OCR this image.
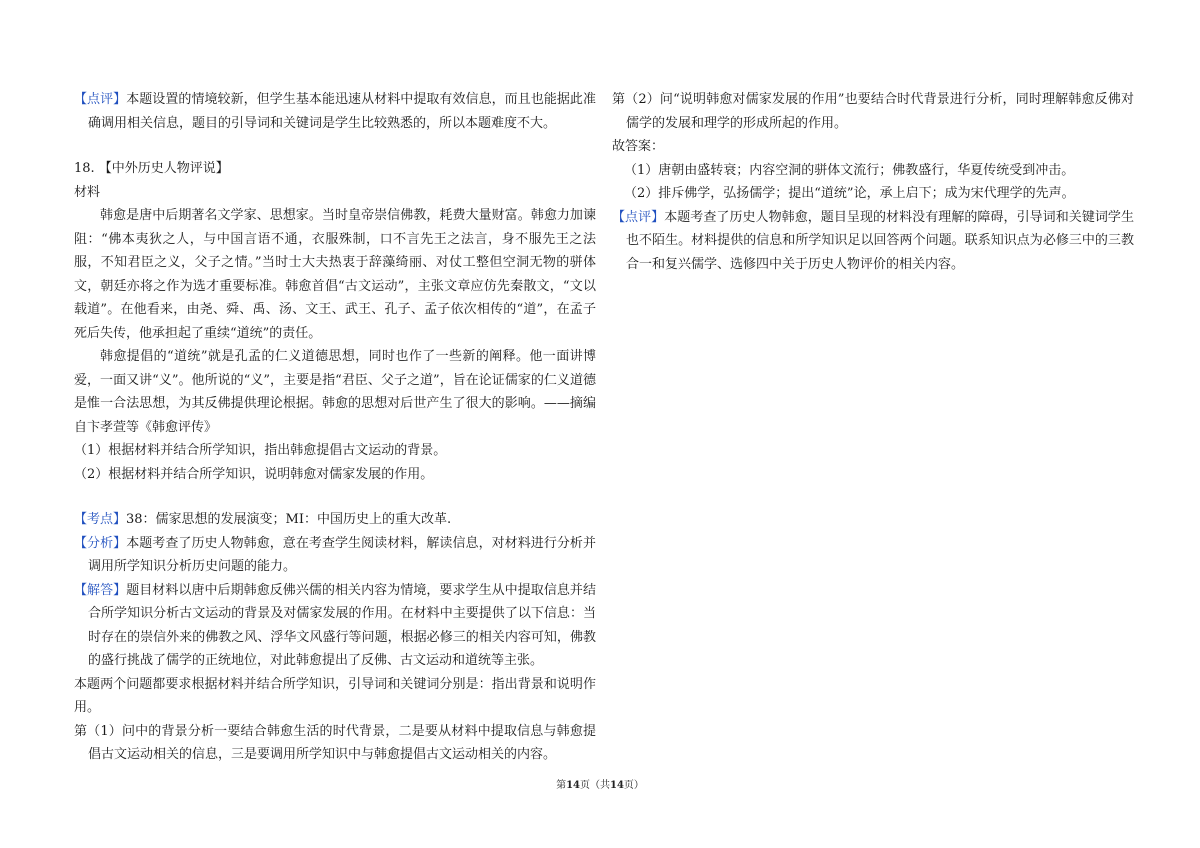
【点评】本题设置的情境较新，但学生基本能迅速从材料中提取有效信息，而且也能据此准确调用相关信息，题目的引导词和关键词是学生比较熟悉的，所以本题难度不大。

18. 【中外历史人物评说】

材料

韩愈是唐中后期著名文学家、思想家。当时皇帝崇信佛教，耗费大量财富。韩愈力加谏阻：“佛本夷狄之人，与中国言语不通，衣服殊制，口不言先王之法言，身不服先王之法服，不知君臣之义，父子之情。”当时士大夫热衷于辞藻绮丽、对仗工整但空洞无物的骈体文，朝廷亦将之作为选才重要标准。韩愈首倡“古文运动”，主张文章应仿先秦散文，“文以载道”。在他看来，由尧、舜、禹、汤、文王、武王、孔子、孟子依次相传的“道”，在孟子死后失传，他承担起了重续“道统”的责任。

韩愈提倡的“道统”就是孔孟的仁义道德思想，同时也作了一些新的阐释。他一面讲博爱，一面又讲“义”。他所说的“义”，主要是指“君臣、父子之道”，旨在论证儒家的仁义道德是惟一合法思想，为其反佛提供理论根据。韩愈的思想对后世产生了很大的影响。——摘编自卞孝萱等《韩愈评传》

（1）根据材料并结合所学知识，指出韩愈提倡古文运动的背景。

（2）根据材料并结合所学知识，说明韩愈对儒家发展的作用。

【考点】38：儒家思想的发展演变；MI：中国历史上的重大改革.

【分析】本题考查了历史人物韩愈，意在考查学生阅读材料，解读信息，对材料进行分析并调用所学知识分析历史问题的能力。

【解答】题目材料以唐中后期韩愈反佛兴儒的相关内容为情境，要求学生从中提取信息并结合所学知识分析古文运动的背景及对儒家发展的作用。在材料中主要提供了以下信息：当时存在的崇信外来的佛教之风、浮华文风盛行等问题，根据必修三的相关内容可知，佛教的盛行挑战了儒学的正统地位，对此韩愈提出了反佛、古文运动和道统等主张。

本题两个问题都要求根据材料并结合所学知识，引导词和关键词分别是：指出背景和说明作用。

第（1）问中的背景分析一要结合韩愈生活的时代背景，二是要从材料中提取信息与韩愈提倡古文运动相关的信息，三是要调用所学知识中与韩愈提倡古文运动相关的内容。

第（2）问“说明韩愈对儒家发展的作用”也要结合时代背景进行分析，同时理解韩愈反佛对儒学的发展和理学的形成所起的作用。

故答案：

（1）唐朝由盛转衰；内容空洞的骈体文流行；佛教盛行，华夏传统受到冲击。

（2）排斥佛学，弘扬儒学；提出“道统”论，承上启下；成为宋代理学的先声。

【点评】本题考查了历史人物韩愈，题目呈现的材料没有理解的障碍，引导词和关键词学生也不陌生。材料提供的信息和所学知识足以回答两个问题。联系知识点为必修三中的三教合一和复兴儒学、选修四中关于历史人物评价的相关内容。

第14页（共14页）
